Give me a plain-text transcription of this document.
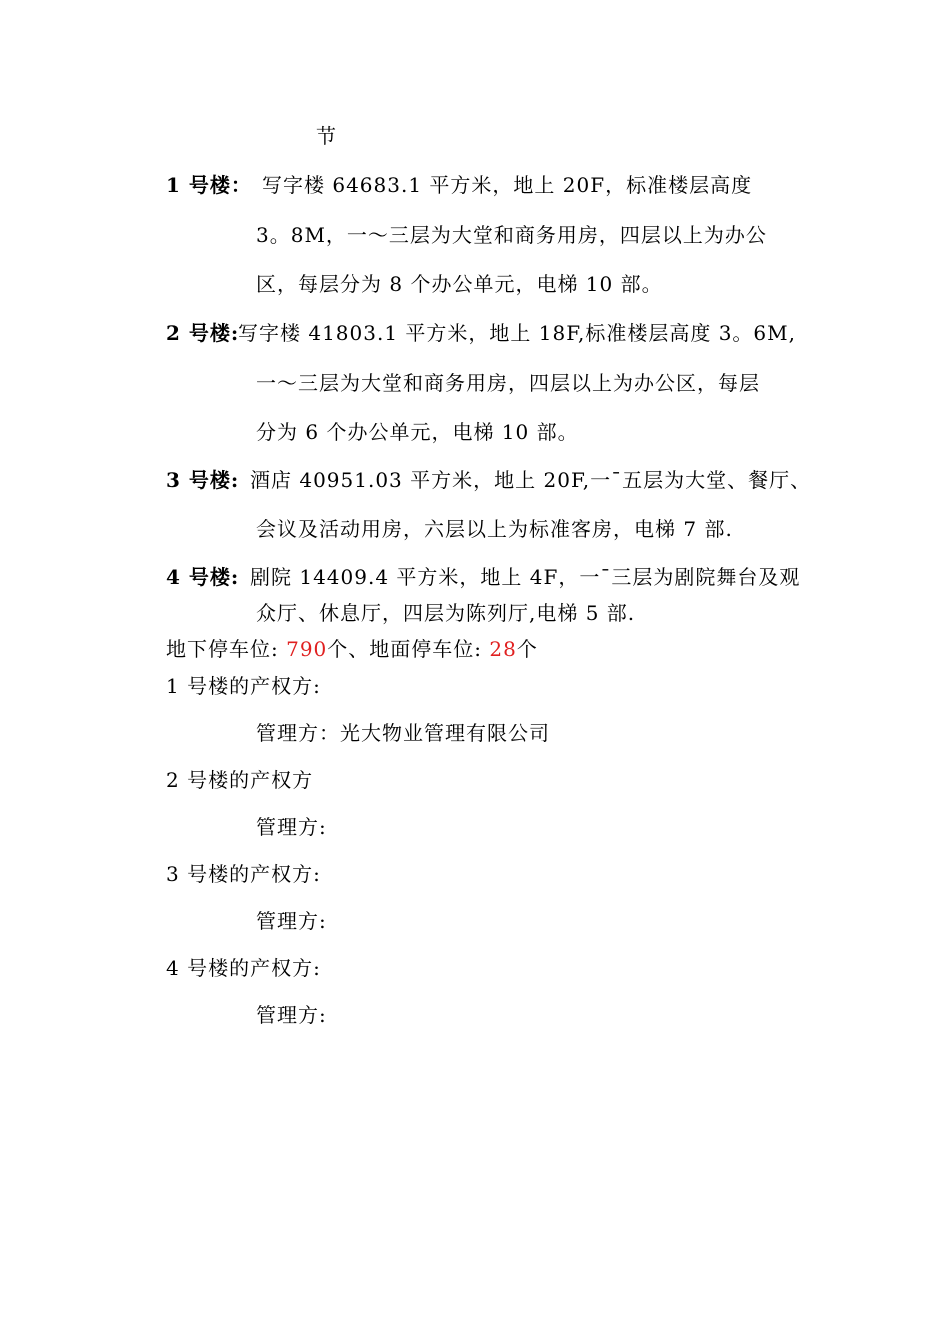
节
1 号楼： 写字楼 64683.1 平方米，地上 20F，标准楼层高度
3。8M，一～三层为大堂和商务用房，四层以上为办公
区，每层分为 8 个办公单元，电梯 10 部。
2 号楼:
写字楼 41803.1 平方米，地上 18F,标准楼层高度 3。6M,
一～三层为大堂和商务用房，四层以上为办公区，每层
分为 6 个办公单元，电梯 10 部。
3 号楼: 酒店 40951.03 平方米，地上 20F,一¯五层为大堂、餐厅、
会议及活动用房，六层以上为标准客房，电梯 7 部.
4 号楼: 剧院 14409.4 平方米，地上 4F，一¯三层为剧院舞台及观
众厅、休息厅，四层为陈列厅,电梯 5 部.
地下停车位: 790个、地面停车位: 28个
1 号楼的产权方:
管理方：光大物业管理有限公司
2 号楼的产权方
管理方:
3 号楼的产权方:
管理方:
4 号楼的产权方:
管理方:
